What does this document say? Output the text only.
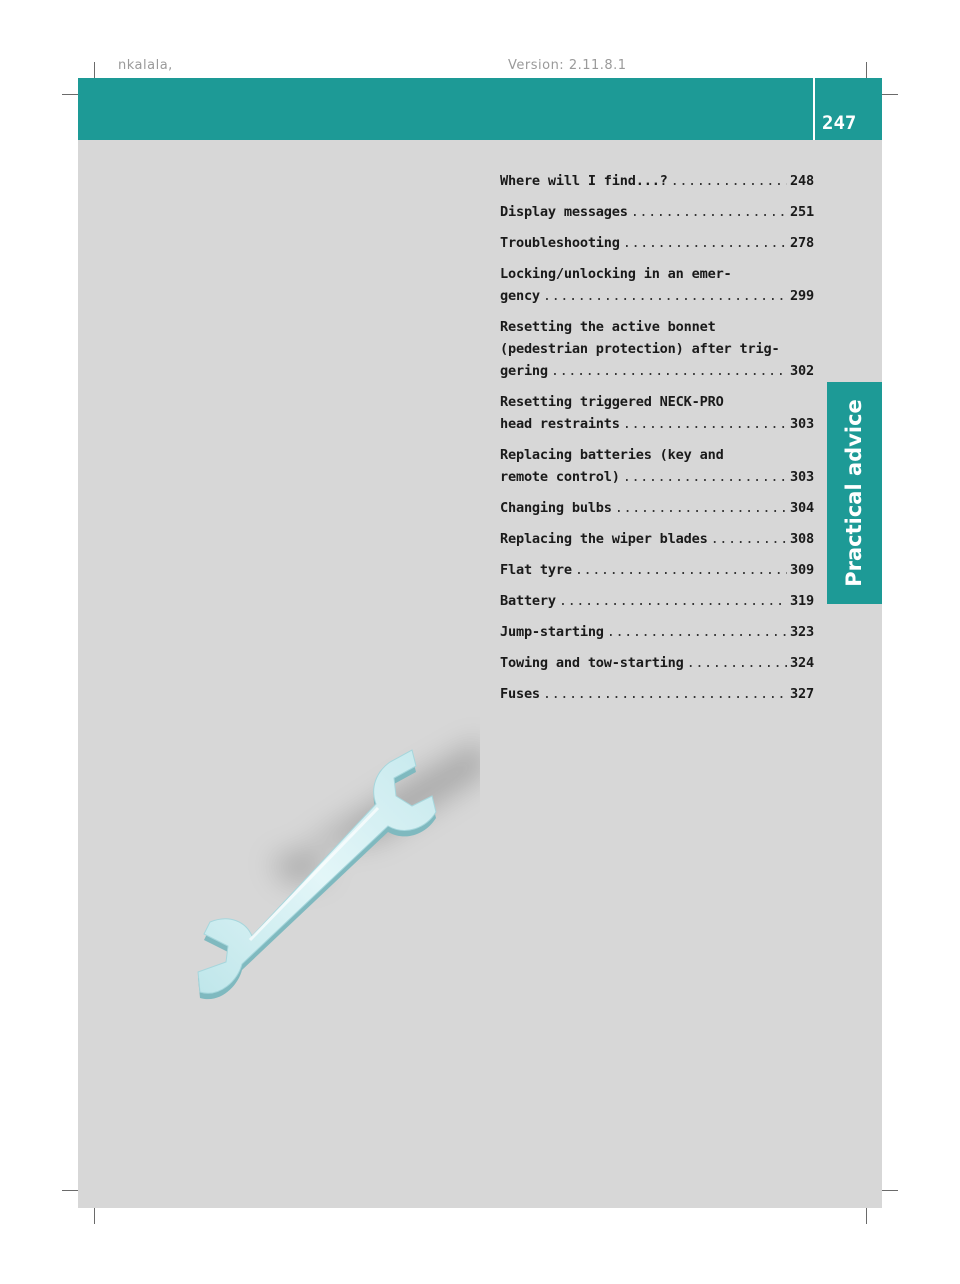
nkalala,	Version: 2.11.8.1
247
Practical advice
Where will I find...? .....	248
Display messages .....	251
Troubleshooting .....	278
Locking/unlocking in an emer-
gency .....	299
Resetting the active bonnet
(pedestrian protection) after trig-
gering .....	302
Resetting triggered NECK-PRO
head restraints .....	303
Replacing batteries (key and
remote control) .....	303
Changing bulbs .....	304
Replacing the wiper blades .....	308
Flat tyre .....	309
Battery .....	319
Jump-starting .....	323
Towing and tow-starting .....	324
Fuses .....	327
carmanualsonline.info
